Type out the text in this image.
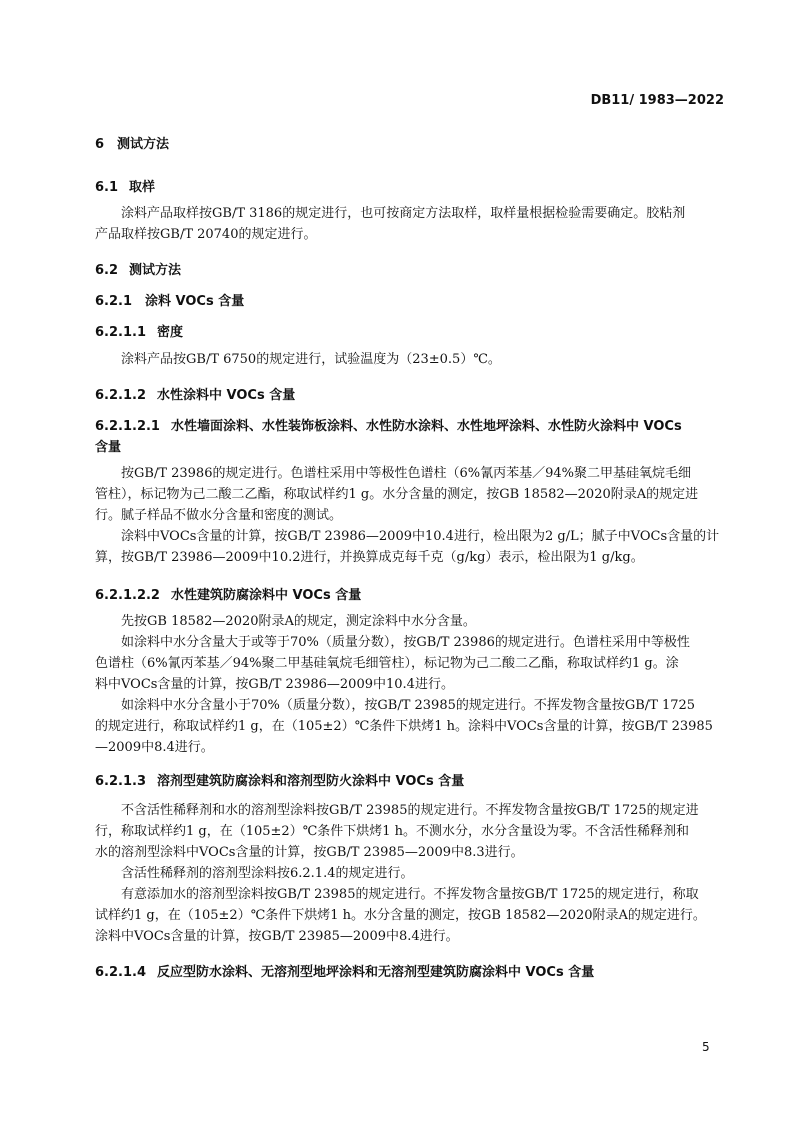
DB11/ 1983—2022
6 测试方法
6.1 取样
涂料产品取样按GB/T 3186的规定进行，也可按商定方法取样，取样量根据检验需要确定。胶粘剂
产品取样按GB/T 20740的规定进行。
6.2 测试方法
6.2.1 涂料 VOCs 含量
6.2.1.1 密度
涂料产品按GB/T 6750的规定进行，试验温度为（23±0.5）℃。
6.2.1.2 水性涂料中 VOCs 含量
6.2.1.2.1 水性墙面涂料、水性装饰板涂料、水性防水涂料、水性地坪涂料、水性防火涂料中 VOCs
含量
按GB/T 23986的规定进行。色谱柱采用中等极性色谱柱（6%氰丙苯基／94%聚二甲基硅氧烷毛细
管柱），标记物为己二酸二乙酯，称取试样约1 g。水分含量的测定，按GB 18582—2020附录A的规定进
行。腻子样品不做水分含量和密度的测试。
涂料中VOCs含量的计算，按GB/T 23986—2009中10.4进行，检出限为2 g/L；腻子中VOCs含量的计
算，按GB/T 23986—2009中10.2进行，并换算成克每千克（g/kg）表示，检出限为1 g/kg。
6.2.1.2.2 水性建筑防腐涂料中 VOCs 含量
先按GB 18582—2020附录A的规定，测定涂料中水分含量。
如涂料中水分含量大于或等于70%（质量分数），按GB/T 23986的规定进行。色谱柱采用中等极性
色谱柱（6%氰丙苯基／94%聚二甲基硅氧烷毛细管柱），标记物为己二酸二乙酯，称取试样约1 g。涂
料中VOCs含量的计算，按GB/T 23986—2009中10.4进行。
如涂料中水分含量小于70%（质量分数），按GB/T 23985的规定进行。不挥发物含量按GB/T 1725
的规定进行，称取试样约1 g，在（105±2）℃条件下烘烤1 h。涂料中VOCs含量的计算，按GB/T 23985
—2009中8.4进行。
6.2.1.3 溶剂型建筑防腐涂料和溶剂型防火涂料中 VOCs 含量
不含活性稀释剂和水的溶剂型涂料按GB/T 23985的规定进行。不挥发物含量按GB/T 1725的规定进
行，称取试样约1 g，在（105±2）℃条件下烘烤1 h。不测水分，水分含量设为零。不含活性稀释剂和
水的溶剂型涂料中VOCs含量的计算，按GB/T 23985—2009中8.3进行。
含活性稀释剂的溶剂型涂料按6.2.1.4的规定进行。
有意添加水的溶剂型涂料按GB/T 23985的规定进行。不挥发物含量按GB/T 1725的规定进行，称取
试样约1 g，在（105±2）℃条件下烘烤1 h。水分含量的测定，按GB 18582—2020附录A的规定进行。
涂料中VOCs含量的计算，按GB/T 23985—2009中8.4进行。
6.2.1.4 反应型防水涂料、无溶剂型地坪涂料和无溶剂型建筑防腐涂料中 VOCs 含量
5
